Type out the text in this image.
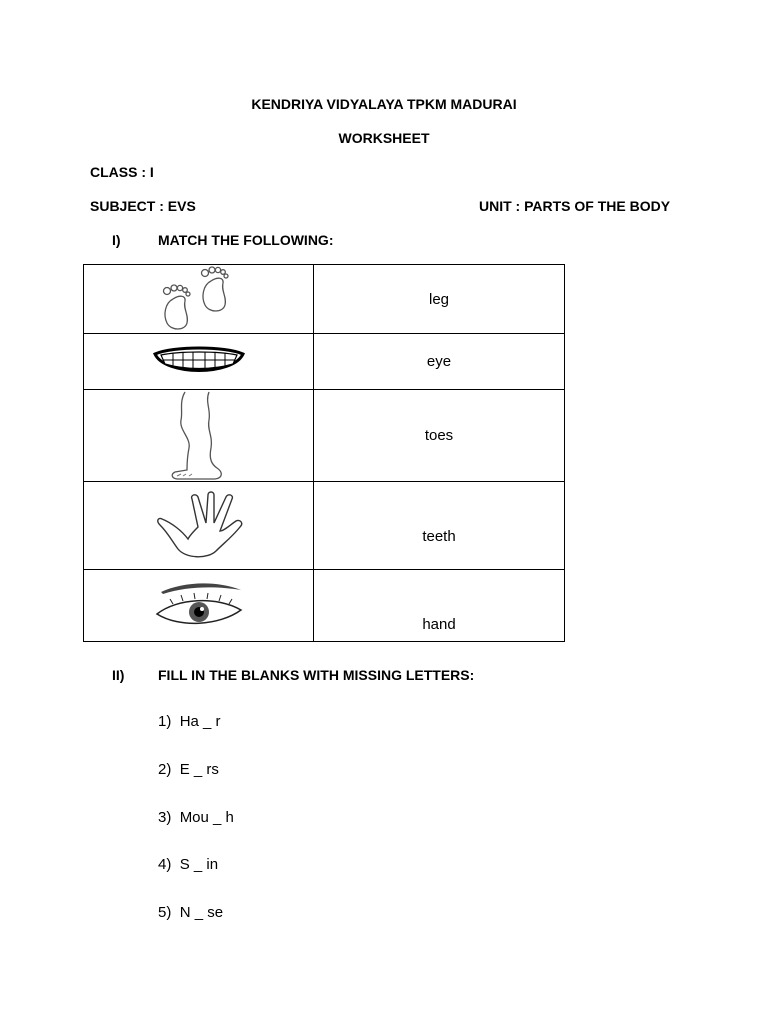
KENDRIYA VIDYALAYA TPKM MADURAI
WORKSHEET
CLASS : I
SUBJECT : EVS	UNIT : PARTS OF THE BODY
I)	MATCH THE FOLLOWING:

leg

eye

toes

teeth

hand
II) FILL IN THE BLANKS WITH MISSING LETTERS:
1) Ha _ r
2) E _ rs
3) Mou _ h
4) S _ in
5) N _ se
